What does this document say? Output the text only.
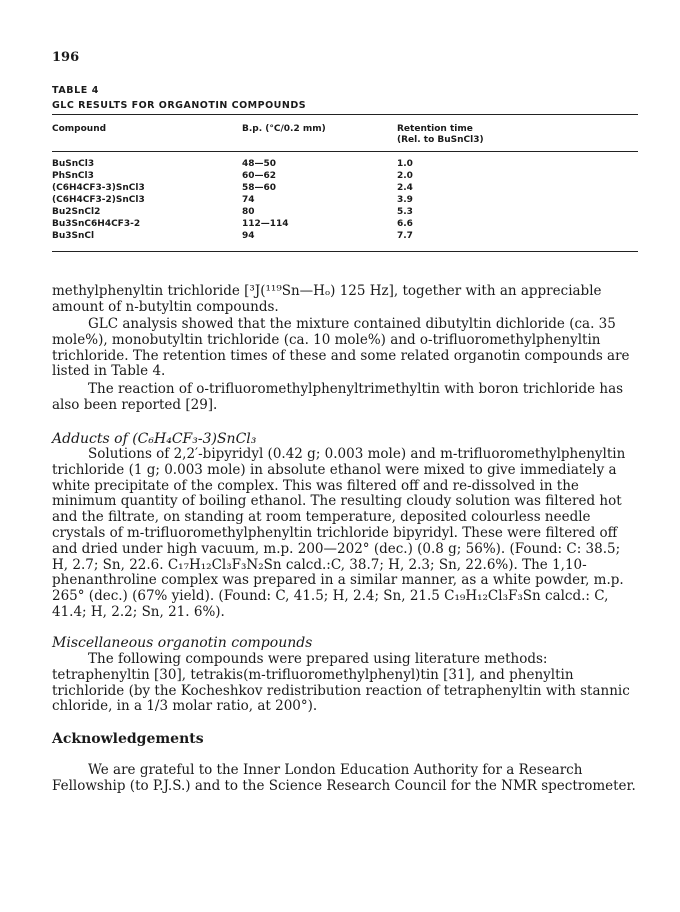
196
TABLE 4
GLC RESULTS FOR ORGANOTIN COMPOUNDS
Compound	B.p. (°C/0.2 mm)	Retention time
(Rel. to BuSnCl3)
BuSnCl3	48—50	1.0
PhSnCl3	60—62	2.0
(C6H4CF3-3)SnCl3	58—60	2.4
(C6H4CF3-2)SnCl3	74	3.9
Bu2SnCl2	80	5.3
Bu3SnC6H4CF3-2	112—114	6.6
Bu3SnCl	94	7.7

methylphenyltin trichloride [³J(¹¹⁹Sn—Hₒ) 125 Hz], together with an appreciable amount of n-butyltin compounds.

GLC analysis showed that the mixture contained dibutyltin dichloride (ca. 35 mole%), monobutyltin trichloride (ca. 10 mole%) and o-trifluoromethylphenyltin trichloride. The retention times of these and some related organotin compounds are listed in Table 4.

The reaction of o-trifluoromethylphenyltrimethyltin with boron trichloride has also been reported [29].

Adducts of (C₆H₄CF₃-3)SnCl₃

Solutions of 2,2′-bipyridyl (0.42 g; 0.003 mole) and m-trifluoromethylphenyltin trichloride (1 g; 0.003 mole) in absolute ethanol were mixed to give immediately a white precipitate of the complex. This was filtered off and re-dissolved in the minimum quantity of boiling ethanol. The resulting cloudy solution was filtered hot and the filtrate, on standing at room temperature, deposited colourless needle crystals of m-trifluoromethylphenyltin trichloride bipyridyl. These were filtered off and dried under high vacuum, m.p. 200—202° (dec.) (0.8 g; 56%). (Found: C: 38.5; H, 2.7; Sn, 22.6. C₁₇H₁₂Cl₃F₃N₂Sn calcd.:C, 38.7; H, 2.3; Sn, 22.6%). The 1,10-phenanthroline complex was prepared in a similar manner, as a white powder, m.p. 265° (dec.) (67% yield). (Found: C, 41.5; H, 2.4; Sn, 21.5 C₁₉H₁₂Cl₃F₃Sn calcd.: C, 41.4; H, 2.2; Sn, 21. 6%).

Miscellaneous organotin compounds

The following compounds were prepared using literature methods: tetraphenyltin [30], tetrakis(m-trifluoromethylphenyl)tin [31], and phenyltin trichloride (by the Kocheshkov redistribution reaction of tetraphenyltin with stannic chloride, in a 1/3 molar ratio, at 200°).

Acknowledgements

We are grateful to the Inner London Education Authority for a Research Fellowship (to P.J.S.) and to the Science Research Council for the NMR spectrometer.
